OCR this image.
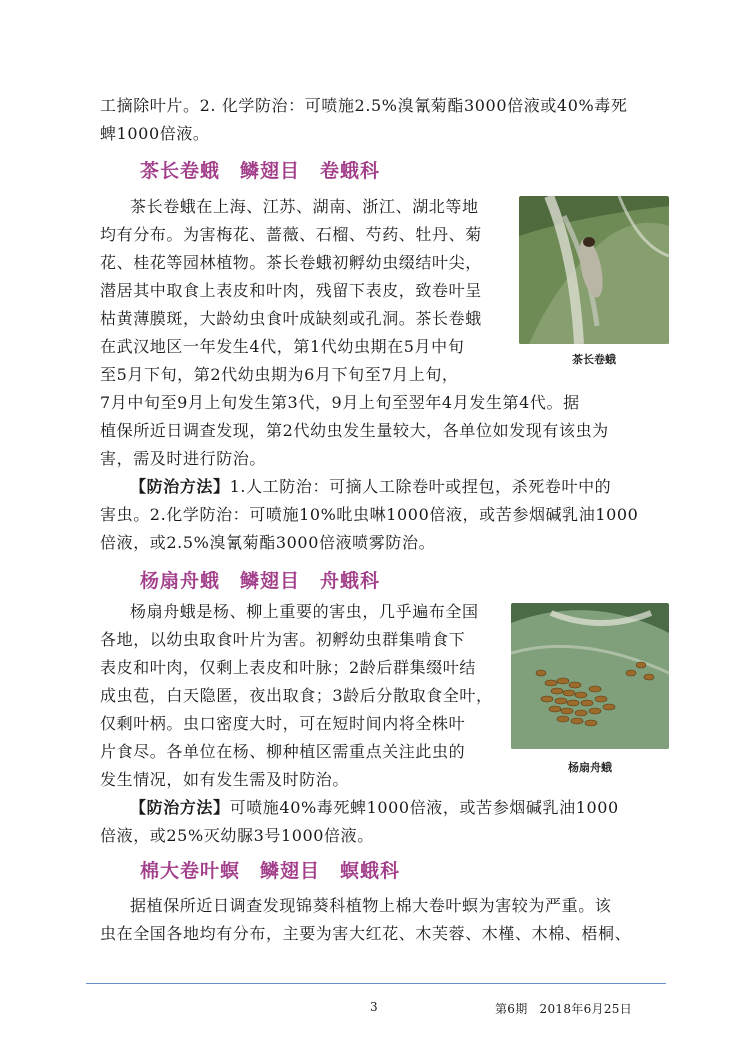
工摘除叶片。2. 化学防治：可喷施2.5%溴氰菊酯3000倍液或40%毒死

蜱1000倍液。

茶长卷蛾　鳞翅目　卷蛾科

茶长卷蛾在上海、江苏、湖南、浙江、湖北等地

均有分布。为害梅花、蔷薇、石榴、芍药、牡丹、菊

花、桂花等园林植物。茶长卷蛾初孵幼虫缀结叶尖，

潜居其中取食上表皮和叶肉，残留下表皮，致卷叶呈

枯黄薄膜斑，大龄幼虫食叶成缺刻或孔洞。茶长卷蛾

在武汉地区一年发生4代，第1代幼虫期在5月中旬

至5月下旬，第2代幼虫期为6月下旬至7月上旬，

7月中旬至9月上旬发生第3代，9月上旬至翌年4月发生第4代。据

植保所近日调查发现，第2代幼虫发生量较大，各单位如发现有该虫为

害，需及时进行防治。

茶长卷蛾

【防治方法】1.人工防治：可摘人工除卷叶或捏包，杀死卷叶中的

害虫。2.化学防治：可喷施10%吡虫啉1000倍液，或苦参烟碱乳油1000

倍液，或2.5%溴氰菊酯3000倍液喷雾防治。

杨扇舟蛾　鳞翅目　舟蛾科

杨扇舟蛾是杨、柳上重要的害虫，几乎遍布全国

各地，以幼虫取食叶片为害。初孵幼虫群集啃食下

表皮和叶肉，仅剩上表皮和叶脉；2龄后群集缀叶结

成虫苞，白天隐匿，夜出取食；3龄后分散取食全叶，

仅剩叶柄。虫口密度大时，可在短时间内将全株叶

片食尽。各单位在杨、柳种植区需重点关注此虫的

发生情况，如有发生需及时防治。

杨扇舟蛾

【防治方法】可喷施40%毒死蜱1000倍液，或苦参烟碱乳油1000

倍液，或25%灭幼脲3号1000倍液。

棉大卷叶螟　鳞翅目　螟蛾科

据植保所近日调查发现锦葵科植物上棉大卷叶螟为害较为严重。该

虫在全国各地均有分布，主要为害大红花、木芙蓉、木槿、木棉、梧桐、

3	第6期 2018年6月25日
